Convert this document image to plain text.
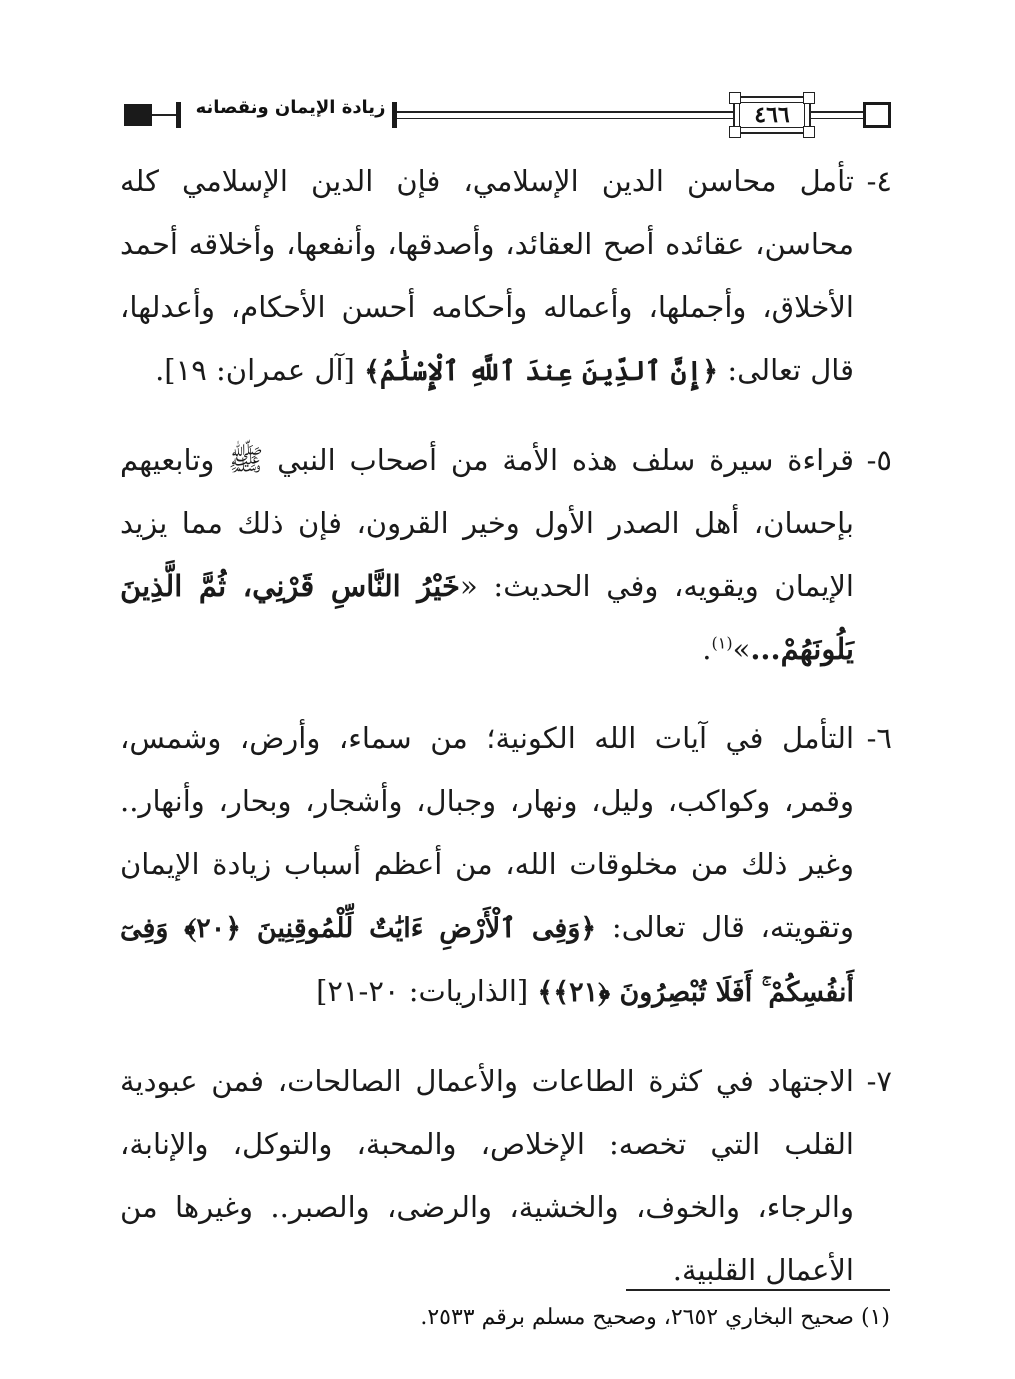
زيادة الإيمان ونقصانه	٤٦٦

٤-
تأمل محاسن الدين الإسلامي، فإن الدين الإسلامي كله محاسن، عقائده أصح العقائد، وأصدقها، وأنفعها، وأخلاقه أحمد الأخلاق، وأجملها، وأعماله وأحكامه أحسن الأحكام، وأعدلها، قال تعالى: ﴿إِنَّ ٱلدِّينَ عِندَ ٱللَّهِ ٱلْإِسْلَٰمُ﴾ [آل عمران: ١٩].

٥-
قراءة سيرة سلف هذه الأمة من أصحاب النبي ﷺ وتابعيهم بإحسان، أهل الصدر الأول وخير القرون، فإن ذلك مما يزيد الإيمان ويقويه، وفي الحديث: «خَيْرُ النَّاسِ قَرْنِي، ثُمَّ الَّذِينَ يَلُونَهُمْ...»$^{(١)}$.

٦-
التأمل في آيات الله الكونية؛ من سماء، وأرض، وشمس، وقمر، وكواكب، وليل، ونهار، وجبال، وأشجار، وبحار، وأنهار.. وغير ذلك من مخلوقات الله، من أعظم أسباب زيادة الإيمان وتقويته، قال تعالى: ﴿وَفِى ٱلْأَرْضِ ءَايَٰتٌ لِّلْمُوقِنِينَ ﴿٢٠﴾ وَفِىٓ أَنفُسِكُمْ ۚ أَفَلَا تُبْصِرُونَ ﴿٢١﴾﴾ [الذاريات: ٢٠-٢١]

٧-
الاجتهاد في كثرة الطاعات والأعمال الصالحات، فمن عبودية القلب التي تخصه: الإخلاص، والمحبة، والتوكل، والإنابة، والرجاء، والخوف، والخشية، والرضى، والصبر.. وغيرها من الأعمال القلبية.

(١) صحيح البخاري ٢٦٥٢، وصحيح مسلم برقم ٢٥٣٣.
